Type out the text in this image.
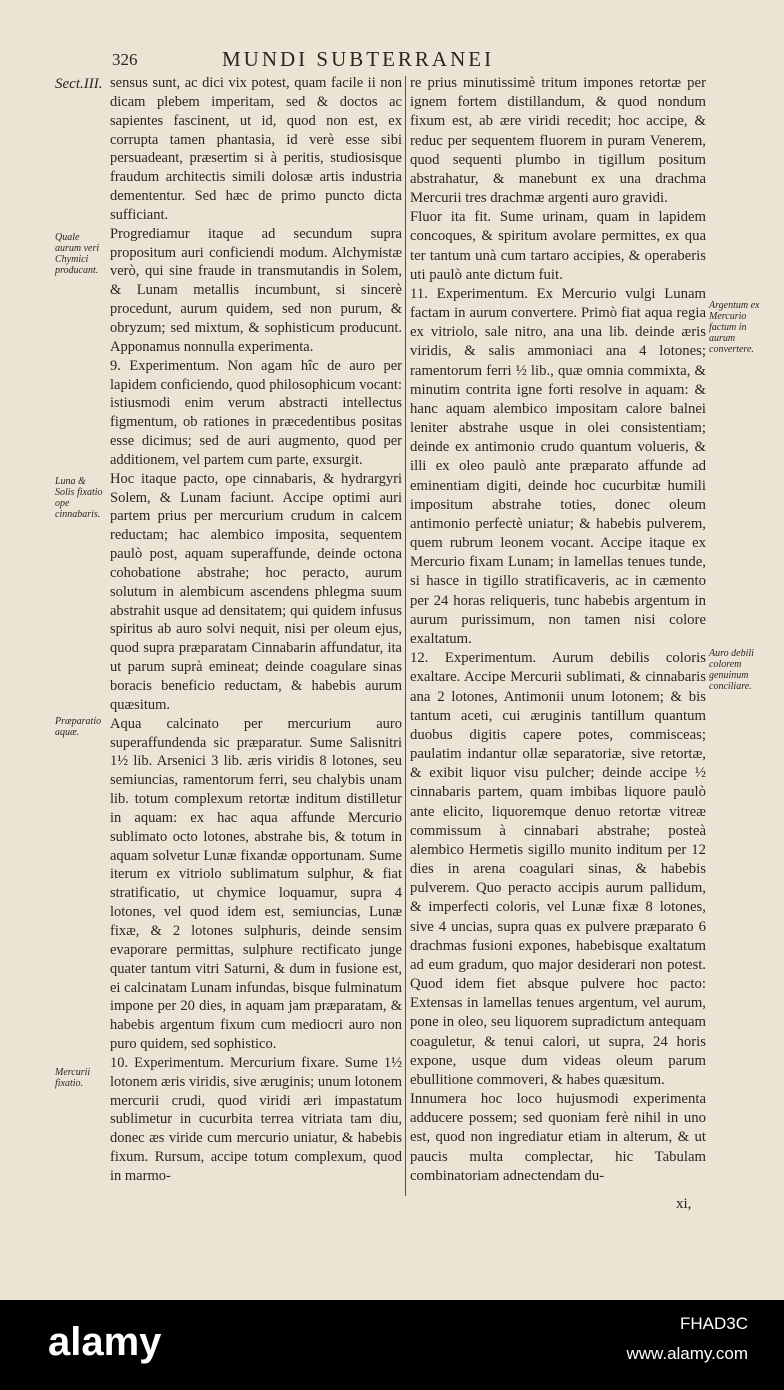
326	MUNDI SUBTERRANEI
Sect.III.
Quale aurum veri Chymici producant.
Luna & Solis fixatio ope cinnabaris.
Præparatio aquæ.
Mercurii fixatio.
Argentum ex Mercurio factum in aurum convertere.
Auro debili colorem genuinum conciliare.

sensus sunt, ac dici vix potest, quam facile ii non dicam plebem imperitam, sed & doctos ac sapientes fascinent, ut id, quod non est, ex corrupta tamen phantasia, id verè esse sibi persuadeant, præsertim si à peritis, studiosisque fraudum architectis simili dolosæ artis industria demententur. Sed hæc de primo puncto dicta sufficiant.

Progrediamur itaque ad secundum supra propositum auri conficiendi modum. Alchymistæ verò, qui sine fraude in transmutandis in Solem, & Lunam metallis incumbunt, si sincerè procedunt, aurum quidem, sed non purum, & obryzum; sed mixtum, & sophisticum producunt. Apponamus nonnulla experimenta.

9. Experimentum. Non agam hîc de auro per lapidem conficiendo, quod philosophicum vocant: istiusmodi enim verum abstracti intellectus figmentum, ob rationes in præcedentibus positas esse dicimus; sed de auri augmento, quod per additionem, vel partem cum parte, exsurgit.

Hoc itaque pacto, ope cinnabaris, & hydrargyri Solem, & Lunam faciunt. Accipe optimi auri partem prius per mercurium crudum in calcem reductam; hac alembico imposita, sequentem paulò post, aquam superaffunde, deinde octona cohobatione abstrahe; hoc peracto, aurum solutum in alembicum ascendens phlegma suum abstrahit usque ad densitatem; qui quidem infusus spiritus ab auro solvi nequit, nisi per oleum ejus, quod supra præparatam Cinnabarin affundatur, ita ut parum suprà emineat; deinde coagulare sinas boracis beneficio reductam, & habebis aurum quæsitum.

Aqua calcinato per mercurium auro superaffundenda sic præparatur. Sume Salisnitri 1½ lib. Arsenici 3 lib. æris viridis 8 lotones, seu semiuncias, ramentorum ferri, seu chalybis unam lib. totum complexum retortæ inditum distilletur in aquam: ex hac aqua affunde Mercurio sublimato octo lotones, abstrahe bis, & totum in aquam solvetur Lunæ fixandæ opportunam. Sume iterum ex vitriolo sublimatum sulphur, & fiat stratificatio, ut chymice loquamur, supra 4 lotones, vel quod idem est, semiuncias, Lunæ fixæ, & 2 lotones sulphuris, deinde sensim evaporare permittas, sulphure rectificato junge quater tantum vitri Saturni, & dum in fusione est, ei calcinatam Lunam infundas, bisque fulminatum impone per 20 dies, in aquam jam præparatam, & habebis argentum fixum cum mediocri auro non puro quidem, sed sophistico.

10. Experimentum. Mercurium fixare. Sume 1½ lotonem æris viridis, sive æruginis; unum lotonem mercurii crudi, quod viridi æri impastatum sublimetur in cucurbita terrea vitriata tam diu, donec æs viride cum mercurio uniatur, & habebis fixum. Rursum, accipe totum complexum, quod in marmo-

re prius minutissimè tritum impones retortæ per ignem fortem distillandum, & quod nondum fixum est, ab ære viridi recedit; hoc accipe, & reduc per sequentem fluorem in puram Venerem, quod sequenti plumbo in tigillum positum abstrahatur, & manebunt ex una drachma Mercurii tres drachmæ argenti auro gravidi.

Fluor ita fit. Sume urinam, quam in lapidem concoques, & spiritum avolare permittes, ex qua ter tantum unà cum tartaro accipies, & operaberis uti paulò ante dictum fuit.

11. Experimentum. Ex Mercurio vulgi Lunam factam in aurum convertere. Primò fiat aqua regia ex vitriolo, sale nitro, ana una lib. deinde æris viridis, & salis ammoniaci ana 4 lotones; ramentorum ferri ½ lib., quæ omnia commixta, & minutim contrita igne forti resolve in aquam: & hanc aquam alembico impositam calore balnei leniter abstrahe usque in olei consistentiam; deinde ex antimonio crudo quantum volueris, & illi ex oleo paulò ante præparato affunde ad eminentiam digiti, deinde hoc cucurbitæ humili impositum abstrahe toties, donec oleum antimonio perfectè uniatur; & habebis pulverem, quem rubrum leonem vocant. Accipe itaque ex Mercurio fixam Lunam; in lamellas tenues tunde, si hasce in tigillo stratificaveris, ac in cæmento per 24 horas reliqueris, tunc habebis argentum in aurum purissimum, non tamen nisi colore exaltatum.

12. Experimentum. Aurum debilis coloris exaltare. Accipe Mercurii sublimati, & cinnabaris ana 2 lotones, Antimonii unum lotonem; & bis tantum aceti, cui æruginis tantillum quantum duobus digitis capere potes, commisceas; paulatim indantur ollæ separatoriæ, sive retortæ, & exibit liquor visu pulcher; deinde accipe ½ cinnabaris partem, quam imbibas liquore paulò ante elicito, liquoremque denuo retortæ vitreæ commissum à cinnabari abstrahe; posteà alembico Hermetis sigillo munito inditum per 12 dies in arena coagulari sinas, & habebis pulverem. Quo peracto accipis aurum pallidum, & imperfecti coloris, vel Lunæ fixæ 8 lotones, sive 4 uncias, supra quas ex pulvere præparato 6 drachmas fusioni expones, habebisque exaltatum ad eum gradum, quo major desiderari non potest. Quod idem fiet absque pulvere hoc pacto: Extensas in lamellas tenues argentum, vel aurum, pone in oleo, seu liquorem supradictum antequam coaguletur, & tenui calori, ut supra, 24 horis expone, usque dum videas oleum parum ebullitione commoveri, & habes quæsitum.

Innumera hoc loco hujusmodi experimenta adducere possem; sed quoniam ferè nihil in uno est, quod non ingrediatur etiam in alterum, & ut paucis multa complectar, hic Tabulam combinatoriam adnectendam du-

xi,
alamy	FHAD3C
www.alamy.com
